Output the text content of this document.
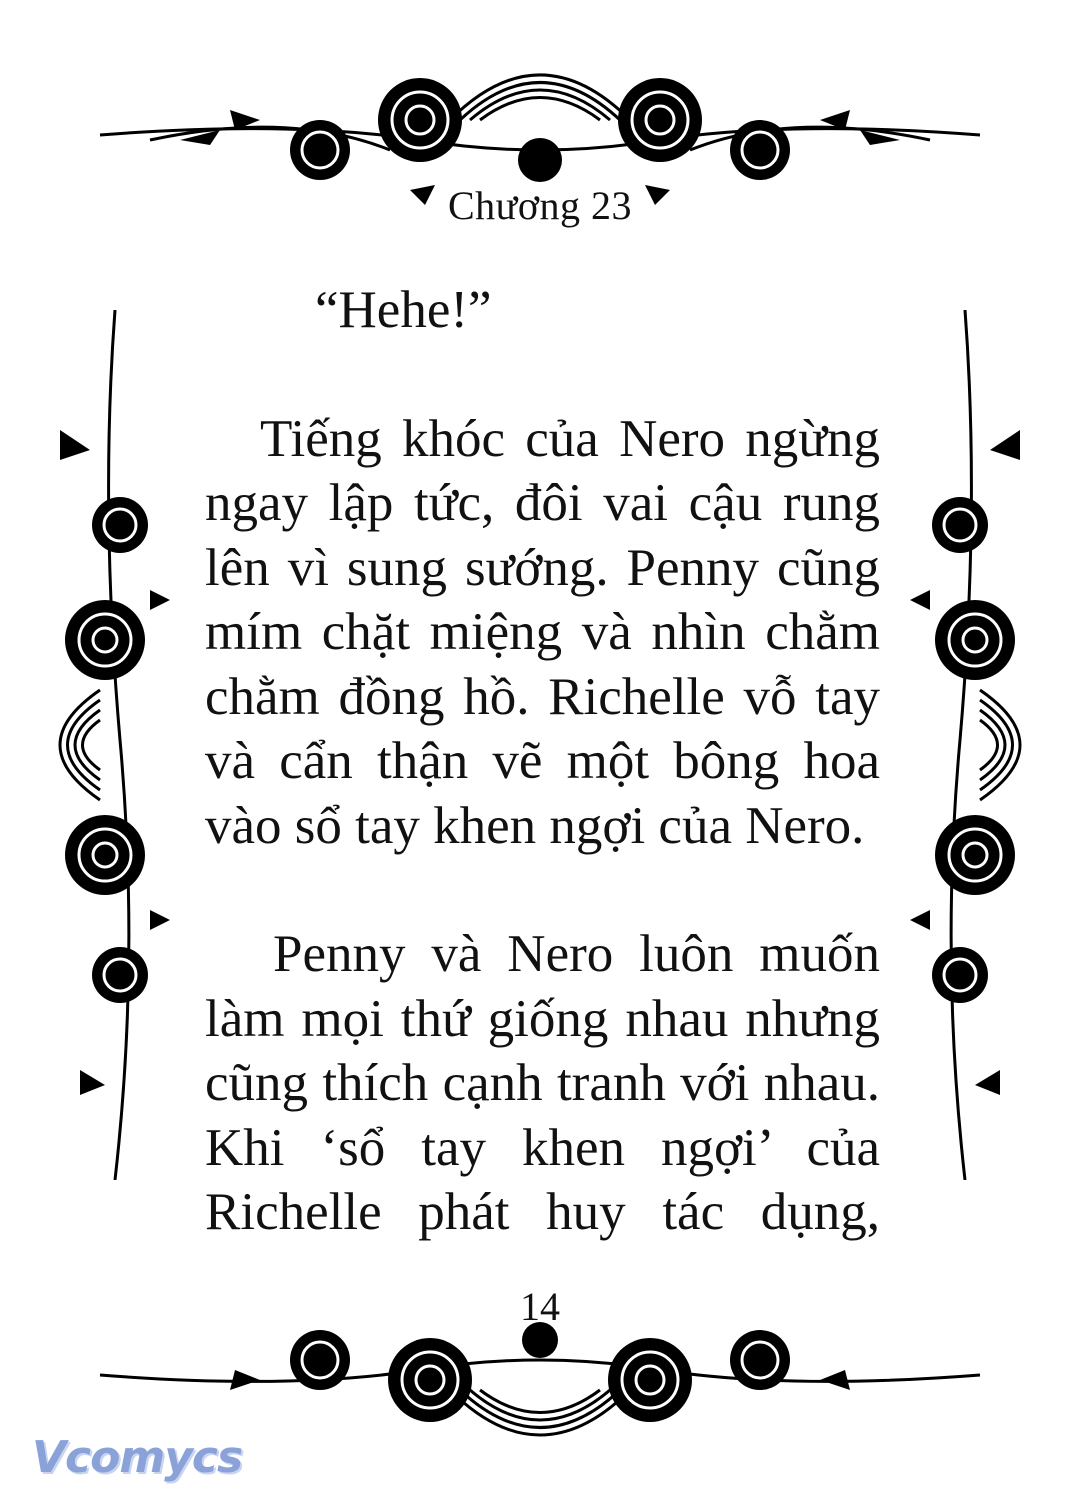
Chương 23
“Hehe!”
Tiếng khóc của Nero ngừng
ngay lập tức, đôi vai cậu rung
lên vì sung sướng. Penny cũng
mím chặt miệng và nhìn chằm
chằm đồng hồ. Richelle vỗ tay
và cẩn thận vẽ một bông hoa
vào sổ tay khen ngợi của Nero.
Penny và Nero luôn muốn
làm mọi thứ giống nhau nhưng
cũng thích cạnh tranh với nhau.
Khi ‘sổ tay khen ngợi’ của
Richelle phát huy tác dụng,
14
Vcomycs
